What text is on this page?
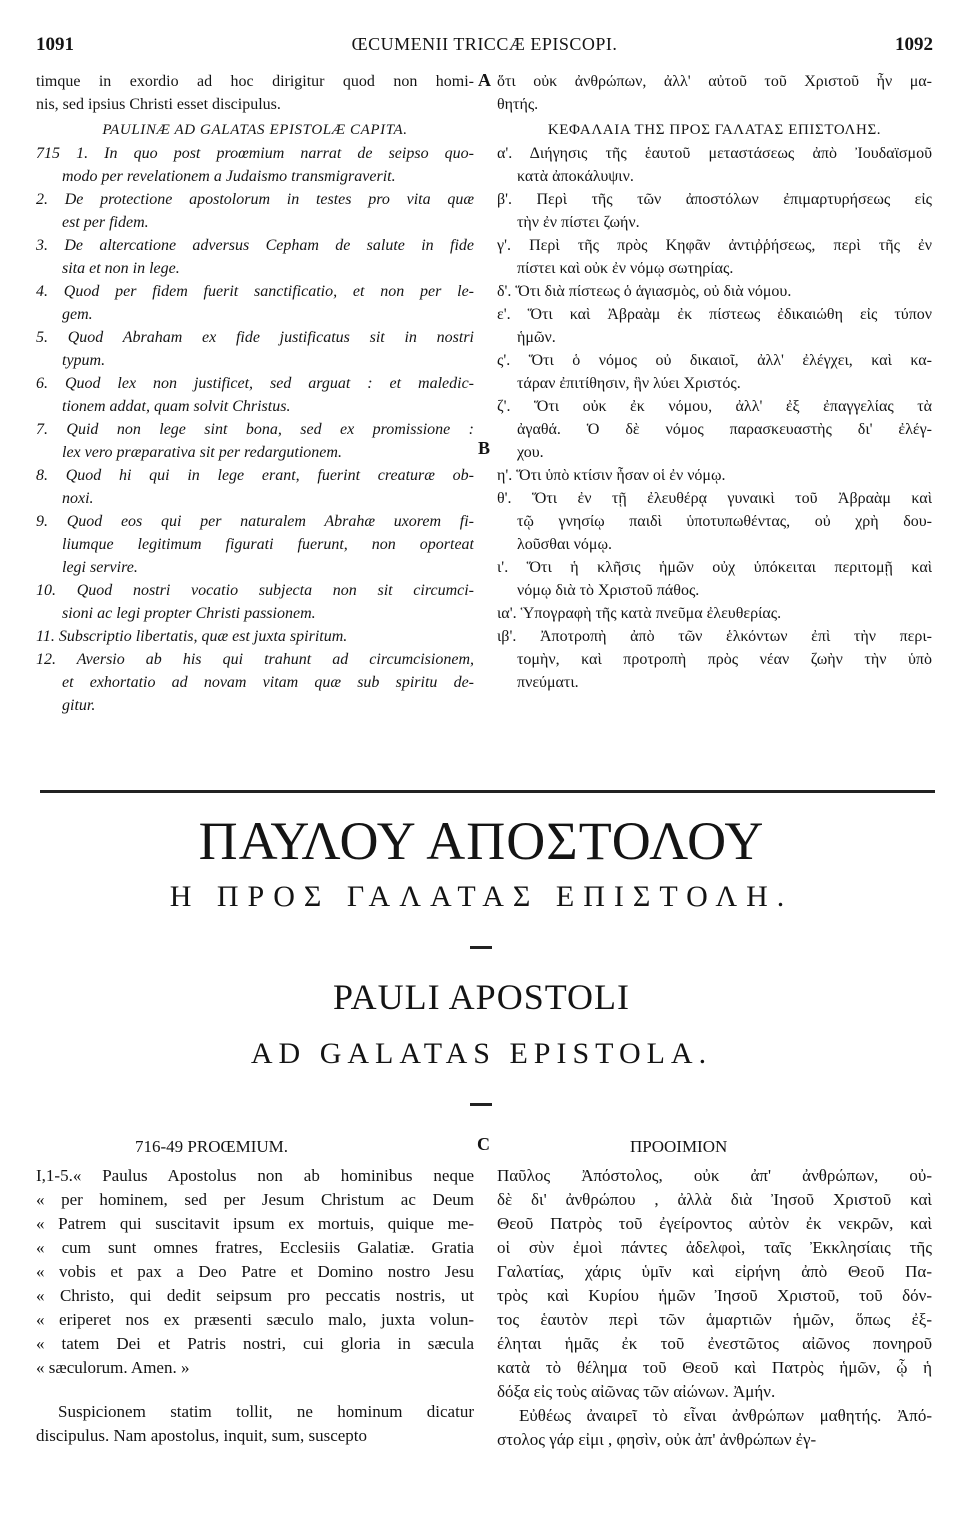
1091	ŒCUMENII TRICCÆ EPISCOPI.	1092
timque in exordio ad hoc dirigitur quod non homi-
nis, sed ipsius Christi esset discipulus.
PAULINÆ AD GALATAS EPISTOLÆ CAPITA.
715 1. In quo post proœmium narrat de seipso quo-
modo per revelationem a Judaismo transmigraverit.
2. De protectione apostolorum in testes pro vita quæ
est per fidem.
3. De altercatione adversus Cepham de salute in fide
sita et non in lege.
4. Quod per fidem fuerit sanctificatio, et non per le-
gem.
5. Quod Abraham ex fide justificatus sit in nostri
typum.
6. Quod lex non justificet, sed arguat : et maledic-
tionem addat, quam solvit Christus.
7. Quid non lege sint bona, sed ex promissione :
lex vero præparativa sit per redargutionem.
8. Quod hi qui in lege erant, fuerint creaturæ ob-
noxi.
9. Quod eos qui per naturalem Abrahæ uxorem fi-
liumque legitimum figurati fuerunt, non oporteat
legi servire.
10. Quod nostri vocatio subjecta non sit circumci-
sioni ac legi propter Christi passionem.
11. Subscriptio libertatis, quæ est juxta spiritum.
12. Aversio ab his qui trahunt ad circumcisionem,
et exhortatio ad novam vitam quæ sub spiritu de-
gitur.
A
B
ὅτι οὐκ ἀνθρώπων, ἀλλ' αὐτοῦ τοῦ Χριστοῦ ἦν μα-
θητής.
ΚΕΦΑΛΑΙΑ ΤΗΣ ΠΡΟΣ ΓΑΛΑΤΑΣ ΕΠΙΣΤΟΛΗΣ.
α'. Διήγησις τῆς ἑαυτοῦ μεταστάσεως ἀπὸ Ἰουδαϊσμοῦ
κατὰ ἀποκάλυψιν.
β'. Περὶ τῆς τῶν ἀποστόλων ἐπιμαρτυρήσεως εἰς
τὴν ἐν πίστει ζωήν.
γ'. Περὶ τῆς πρὸς Κηφᾶν ἀντιῤῥήσεως, περὶ τῆς ἐν
πίστει καὶ οὐκ ἐν νόμῳ σωτηρίας.
δ'. Ὅτι διὰ πίστεως ὁ ἁγιασμὸς, οὐ διὰ νόμου.
ε'. Ὅτι καὶ Ἀβραὰμ ἐκ πίστεως ἐδικαιώθη εἰς τύπον
ἡμῶν.
ς'. Ὅτι ὁ νόμος οὐ δικαιοῖ, ἀλλ' ἐλέγχει, καὶ κα-
τάραν ἐπιτίθησιν, ἣν λύει Χριστός.
ζ'. Ὅτι οὐκ ἐκ νόμου, ἀλλ' ἐξ ἐπαγγελίας τὰ
ἀγαθά. Ὁ δὲ νόμος παρασκευαστὴς δι' ἐλέγ-
χου.
η'. Ὅτι ὑπὸ κτίσιν ἦσαν οἱ ἐν νόμῳ.
θ'. Ὅτι ἐν τῇ ἐλευθέρᾳ γυναικὶ τοῦ Ἀβραὰμ καὶ
τῷ γνησίῳ παιδὶ ὑποτυπωθέντας, οὐ χρὴ δου-
λοῦσθαι νόμῳ.
ι'. Ὅτι ἡ κλῆσις ἡμῶν οὐχ ὑπόκειται περιτομῇ καὶ
νόμῳ διὰ τὸ Χριστοῦ πάθος.
ια'. Ὑπογραφὴ τῆς κατὰ πνεῦμα ἐλευθερίας.
ιβ'. Ἀποτροπὴ ἀπὸ τῶν ἑλκόντων ἐπὶ τὴν περι-
τομὴν, καὶ προτροπὴ πρὸς νέαν ζωὴν τὴν ὑπὸ
πνεύματι.
ΠΑΥΛΟΥ ΑΠΟΣΤΟΛΟΥ
Η ΠΡΟΣ ΓΑΛΑΤΑΣ ΕΠΙΣΤΟΛΗ.
PAULI APOSTOLI
AD GALATAS EPISTOLA.
716-49 PROŒMIUM.	C	ΠΡΟΟΙΜΙΟΝ
I,1-5.« Paulus Apostolus non ab hominibus neque
« per hominem, sed per Jesum Christum ac Deum
« Patrem qui suscitavit ipsum ex mortuis, quique me-
« cum sunt omnes fratres, Ecclesiis Galatiæ. Gratia
« vobis et pax a Deo Patre et Domino nostro Jesu
« Christo, qui dedit seipsum pro peccatis nostris, ut
« eriperet nos ex præsenti sæculo malo, juxta volun-
« tatem Dei et Patris nostri, cui gloria in sæcula
« sæculorum. Amen. »
Suspicionem statim tollit, ne hominum dicatur
discipulus. Nam apostolus, inquit, sum, suscepto
Παῦλος Ἀπόστολος, οὐκ ἀπ' ἀνθρώπων, οὐ-
δὲ δι' ἀνθρώπου , ἀλλὰ διὰ Ἰησοῦ Χριστοῦ καὶ
Θεοῦ Πατρὸς τοῦ ἐγείροντος αὐτὸν ἐκ νεκρῶν, καὶ
οἱ σὺν ἐμοὶ πάντες ἀδελφοὶ, ταῖς Ἐκκλησίαις τῆς
Γαλατίας, χάρις ὑμῖν καὶ εἰρήνη ἀπὸ Θεοῦ Πα-
τρὸς καὶ Κυρίου ἡμῶν Ἰησοῦ Χριστοῦ, τοῦ δόν-
τος ἑαυτὸν περὶ τῶν ἁμαρτιῶν ἡμῶν, ὅπως ἐξ-
έληται ἡμᾶς ἐκ τοῦ ἐνεστῶτος αἰῶνος πονηροῦ
κατὰ τὸ θέλημα τοῦ Θεοῦ καὶ Πατρὸς ἡμῶν, ᾧ ἡ
δόξα εἰς τοὺς αἰῶνας τῶν αἰώνων. Ἀμήν.
Εὐθέως ἀναιρεῖ τὸ εἶναι ἀνθρώπων μαθητής. Ἀπό-
στολος γάρ εἰμι , φησὶν, οὐκ ἀπ' ἀνθρώπων ἐγ-
